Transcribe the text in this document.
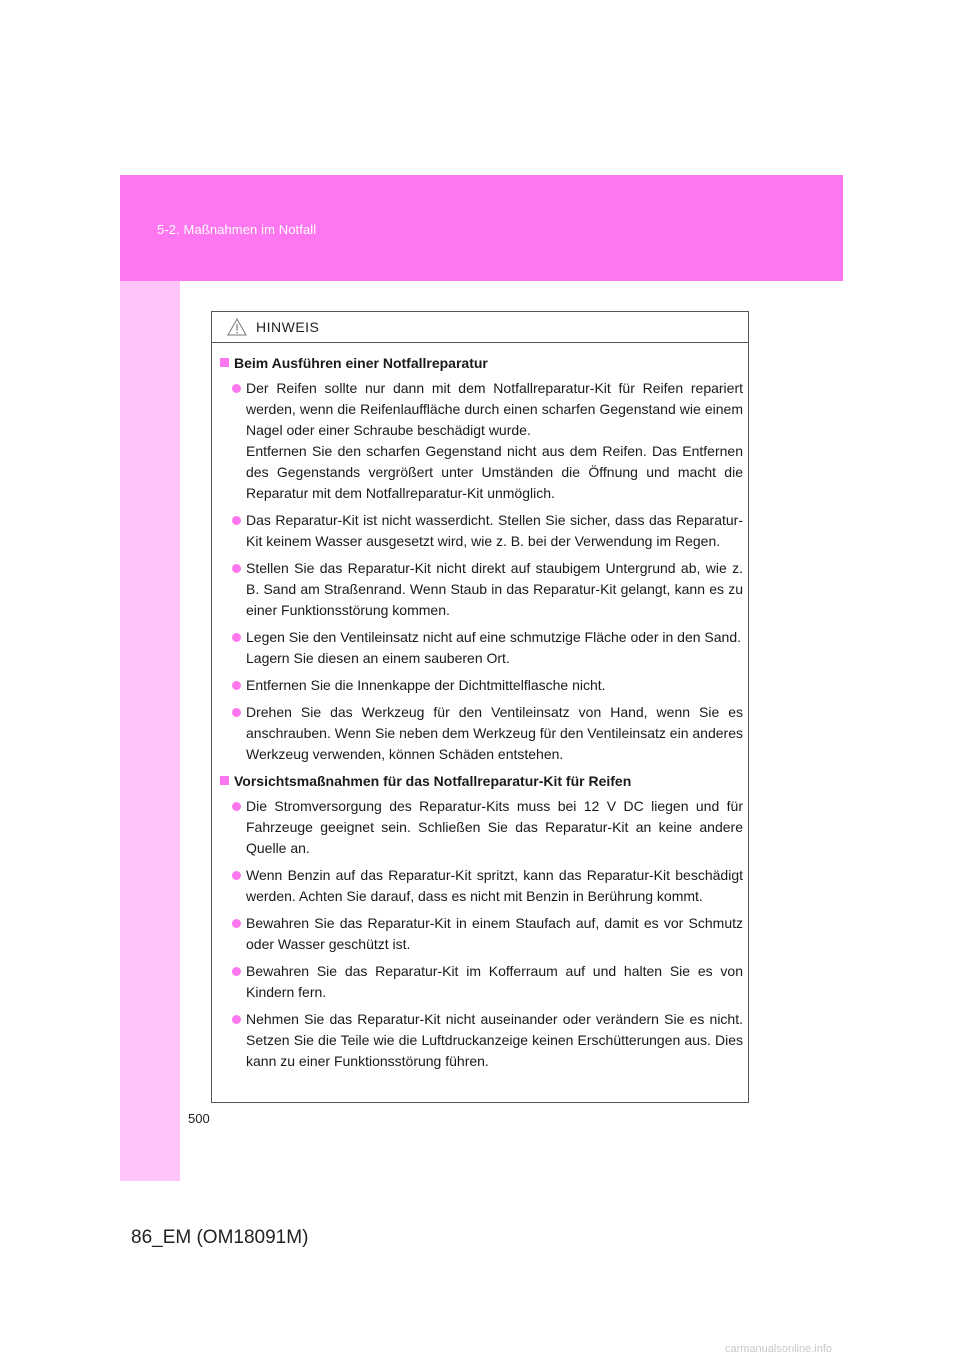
5-2. Maßnahmen im Notfall
HINWEIS
Beim Ausführen einer Notfallreparatur
Der Reifen sollte nur dann mit dem Notfallreparatur-Kit für Reifen repariert werden, wenn die Reifenlauffläche durch einen scharfen Gegenstand wie einem Nagel oder einer Schraube beschädigt wurde.
Entfernen Sie den scharfen Gegenstand nicht aus dem Reifen. Das Entfernen des Gegenstands vergrößert unter Umständen die Öffnung und macht die Reparatur mit dem Notfallreparatur-Kit unmöglich.
Das Reparatur-Kit ist nicht wasserdicht. Stellen Sie sicher, dass das Reparatur-Kit keinem Wasser ausgesetzt wird, wie z. B. bei der Verwendung im Regen.
Stellen Sie das Reparatur-Kit nicht direkt auf staubigem Untergrund ab, wie z. B. Sand am Straßenrand. Wenn Staub in das Reparatur-Kit gelangt, kann es zu einer Funktionsstörung kommen.
Legen Sie den Ventileinsatz nicht auf eine schmutzige Fläche oder in den Sand.
Lagern Sie diesen an einem sauberen Ort.
Entfernen Sie die Innenkappe der Dichtmittelflasche nicht.
Drehen Sie das Werkzeug für den Ventileinsatz von Hand, wenn Sie es anschrauben. Wenn Sie neben dem Werkzeug für den Ventileinsatz ein anderes Werkzeug verwenden, können Schäden entstehen.
Vorsichtsmaßnahmen für das Notfallreparatur-Kit für Reifen
Die Stromversorgung des Reparatur-Kits muss bei 12 V DC liegen und für Fahrzeuge geeignet sein. Schließen Sie das Reparatur-Kit an keine andere Quelle an.
Wenn Benzin auf das Reparatur-Kit spritzt, kann das Reparatur-Kit beschädigt werden. Achten Sie darauf, dass es nicht mit Benzin in Berührung kommt.
Bewahren Sie das Reparatur-Kit in einem Staufach auf, damit es vor Schmutz oder Wasser geschützt ist.
Bewahren Sie das Reparatur-Kit im Kofferraum auf und halten Sie es von Kindern fern.
Nehmen Sie das Reparatur-Kit nicht auseinander oder verändern Sie es nicht. Setzen Sie die Teile wie die Luftdruckanzeige keinen Erschütterungen aus. Dies kann zu einer Funktionsstörung führen.
500
86_EM (OM18091M)
carmanualsonline.info
